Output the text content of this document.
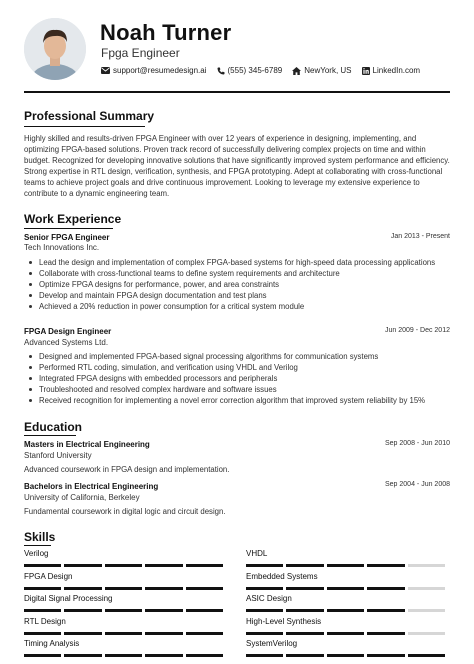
Noah Turner
Fpga Engineer
support@resumedesign.ai	(555) 345-6789	NewYork, US	LinkedIn.com
Professional Summary
Highly skilled and results-driven FPGA Engineer with over 12 years of experience in designing, implementing, and optimizing FPGA-based solutions. Proven track record of successfully delivering complex projects on time and within budget. Recognized for developing innovative solutions that have significantly improved system performance and efficiency. Strong expertise in RTL design, verification, synthesis, and FPGA prototyping. Adept at collaborating with cross-functional teams to achieve project goals and drive continuous improvement. Looking to leverage my extensive experience to contribute to a dynamic engineering team.
Work Experience
Senior FPGA Engineer	Jan 2013 - Present
Tech Innovations Inc.
Lead the design and implementation of complex FPGA-based systems for high-speed data processing applications
Collaborate with cross-functional teams to define system requirements and architecture
Optimize FPGA designs for performance, power, and area constraints
Develop and maintain FPGA design documentation and test plans
Achieved a 20% reduction in power consumption for a critical system module
FPGA Design Engineer	Jun 2009 - Dec 2012
Advanced Systems Ltd.
Designed and implemented FPGA-based signal processing algorithms for communication systems
Performed RTL coding, simulation, and verification using VHDL and Verilog
Integrated FPGA designs with embedded processors and peripherals
Troubleshooted and resolved complex hardware and software issues
Received recognition for implementing a novel error correction algorithm that improved system reliability by 15%
Education
Masters in Electrical Engineering	Sep 2008 - Jun 2010
Stanford University
Advanced coursework in FPGA design and implementation.
Bachelors in Electrical Engineering	Sep 2004 - Jun 2008
University of California, Berkeley
Fundamental coursework in digital logic and circuit design.
Skills
Verilog	VHDL
FPGA Design	Embedded Systems
Digital Signal Processing	ASIC Design
RTL Design	High-Level Synthesis
Timing Analysis	SystemVerilog
